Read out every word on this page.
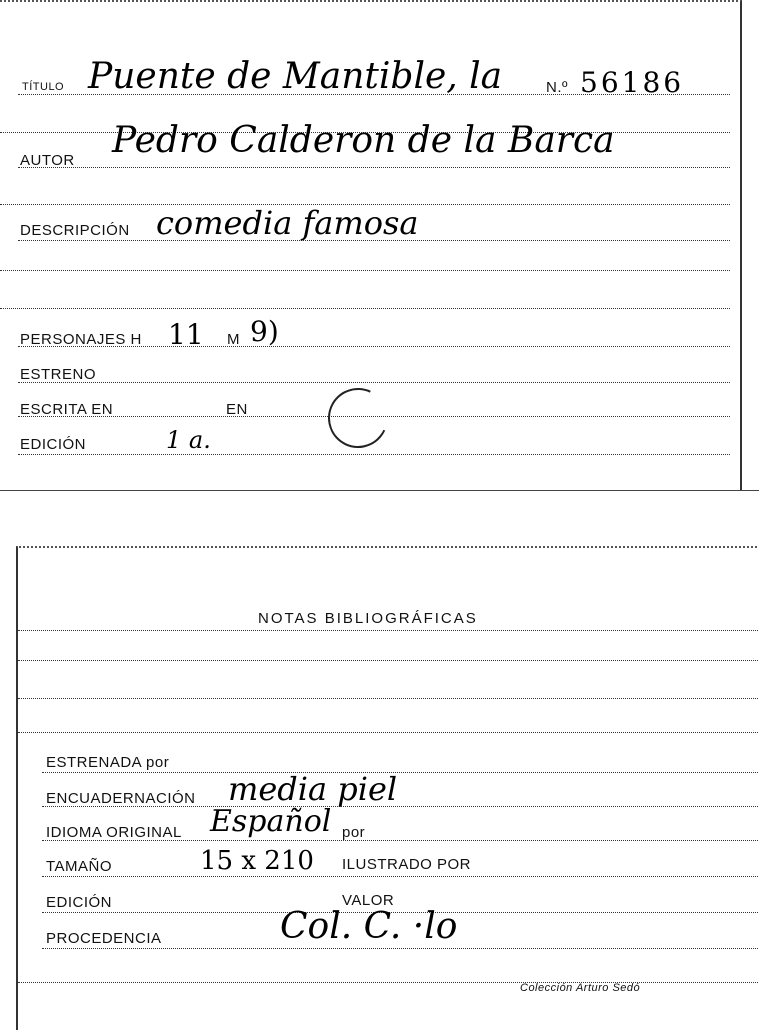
TÍTULO Puente de Mantible, la	N.º 56186
AUTOR Pedro Calderon de la Barca
DESCRIPCIÓN comedia famosa
PERSONAJES H 11 M 9)
ESTRENO
ESCRITA EN	EN
EDICIÓN	1 a.
NOTAS BIBLIOGRÁFICAS
ESTRENADA por
ENCUADERNACIÓN media piel
IDIOMA ORIGINAL Español por
TAMAÑO	15 x 210 ILUSTRADO POR
EDICIÓN	VALOR
PROCEDENCIA	Col. C. ·lo
Colección Arturo Sedó
